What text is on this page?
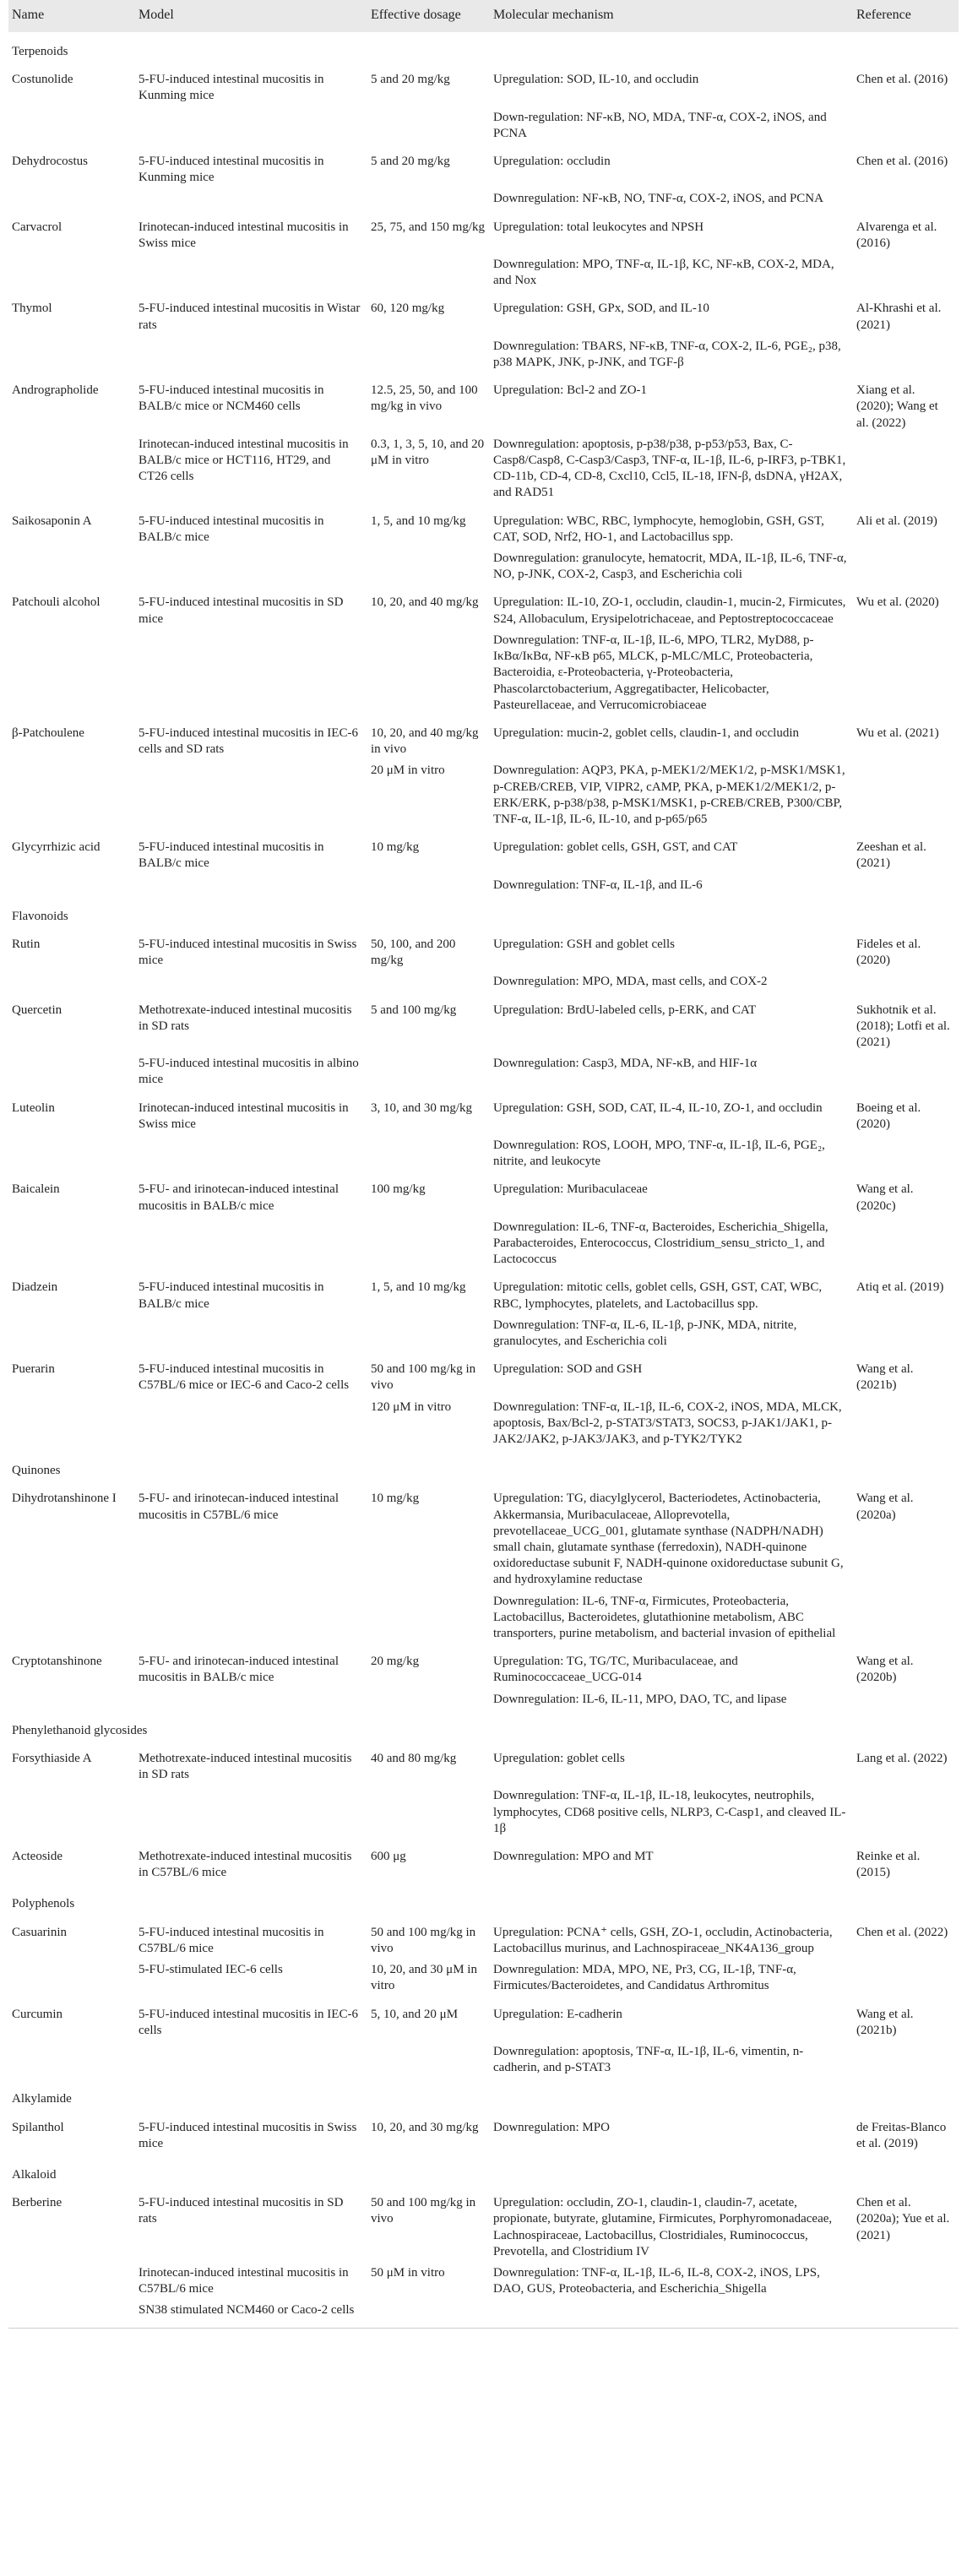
Name	Model	Effective dosage	Molecular mechanism	Reference
Terpenoids				
Costunolide	5-FU-induced intestinal mucositis in Kunming mice	5 and 20 mg/kg	Upregulation: SOD, IL-10, and occludin	Chen et al. (2016)
			Down-regulation: NF-κB, NO, MDA, TNF-α, COX-2, iNOS, and PCNA	
Dehydrocostus	5-FU-induced intestinal mucositis in Kunming mice	5 and 20 mg/kg	Upregulation: occludin	Chen et al. (2016)
			Downregulation: NF-κB, NO, TNF-α, COX-2, iNOS, and PCNA	
Carvacrol	Irinotecan-induced intestinal mucositis in Swiss mice	25, 75, and 150 mg/kg	Upregulation: total leukocytes and NPSH	Alvarenga et al. (2016)
			Downregulation: MPO, TNF-α, IL-1β, KC, NF-κB, COX-2, MDA, and Nox	
Thymol	5-FU-induced intestinal mucositis in Wistar rats	60, 120 mg/kg	Upregulation: GSH, GPx, SOD, and IL-10	Al-Khrashi et al. (2021)
			Downregulation: TBARS, NF-κB, TNF-α, COX-2, IL-6, PGE₂, p38, p38 MAPK, JNK, p-JNK, and TGF-β	
Andrographolide	5-FU-induced intestinal mucositis in BALB/c mice or NCM460 cells	12.5, 25, 50, and 100 mg/kg in vivo	Upregulation: Bcl-2 and ZO-1	Xiang et al. (2020); Wang et al. (2022)
	Irinotecan-induced intestinal mucositis in BALB/c mice or HCT116, HT29, and CT26 cells	0.3, 1, 3, 5, 10, and 20 μM in vitro	Downregulation: apoptosis, p-p38/p38, p-p53/p53, Bax, C-Casp8/Casp8, C-Casp3/Casp3, TNF-α, IL-1β, IL-6, p-IRF3, p-TBK1, CD-11b, CD-4, CD-8, Cxcl10, Ccl5, IL-18, IFN-β, dsDNA, γH2AX, and RAD51	
Saikosaponin A	5-FU-induced intestinal mucositis in BALB/c mice	1, 5, and 10 mg/kg	Upregulation: WBC, RBC, lymphocyte, hemoglobin, GSH, GST, CAT, SOD, Nrf2, HO-1, and Lactobacillus spp.	Ali et al. (2019)
			Downregulation: granulocyte, hematocrit, MDA, IL-1β, IL-6, TNF-α, NO, p-JNK, COX-2, Casp3, and Escherichia coli	
Patchouli alcohol	5-FU-induced intestinal mucositis in SD mice	10, 20, and 40 mg/kg	Upregulation: IL-10, ZO-1, occludin, claudin-1, mucin-2, Firmicutes, S24, Allobaculum, Erysipelotrichaceae, and Peptostreptococcaceae	Wu et al. (2020)
			Downregulation: TNF-α, IL-1β, IL-6, MPO, TLR2, MyD88, p-IκBα/IκBα, NF-κB p65, MLCK, p-MLC/MLC, Proteobacteria, Bacteroidia, ε-Proteobacteria, γ-Proteobacteria, Phascolarctobacterium, Aggregatibacter, Helicobacter, Pasteurellaceae, and Verrucomicrobiaceae	
β-Patchoulene	5-FU-induced intestinal mucositis in IEC-6 cells and SD rats	10, 20, and 40 mg/kg in vivo	Upregulation: mucin-2, goblet cells, claudin-1, and occludin	Wu et al. (2021)
		20 μM in vitro	Downregulation: AQP3, PKA, p-MEK1/2/MEK1/2, p-MSK1/MSK1, p-CREB/CREB, VIP, VIPR2, cAMP, PKA, p-MEK1/2/MEK1/2, p-ERK/ERK, p-p38/p38, p-MSK1/MSK1, p-CREB/CREB, P300/CBP, TNF-α, IL-1β, IL-6, IL-10, and p-p65/p65	
Glycyrrhizic acid	5-FU-induced intestinal mucositis in BALB/c mice	10 mg/kg	Upregulation: goblet cells, GSH, GST, and CAT	Zeeshan et al. (2021)
			Downregulation: TNF-α, IL-1β, and IL-6	
Flavonoids				
Rutin	5-FU-induced intestinal mucositis in Swiss mice	50, 100, and 200 mg/kg	Upregulation: GSH and goblet cells	Fideles et al. (2020)
			Downregulation: MPO, MDA, mast cells, and COX-2	
Quercetin	Methotrexate-induced intestinal mucositis in SD rats	5 and 100 mg/kg	Upregulation: BrdU-labeled cells, p-ERK, and CAT	Sukhotnik et al. (2018); Lotfi et al. (2021)
	5-FU-induced intestinal mucositis in albino mice		Downregulation: Casp3, MDA, NF-κB, and HIF-1α	
Luteolin	Irinotecan-induced intestinal mucositis in Swiss mice	3, 10, and 30 mg/kg	Upregulation: GSH, SOD, CAT, IL-4, IL-10, ZO-1, and occludin	Boeing et al. (2020)
			Downregulation: ROS, LOOH, MPO, TNF-α, IL-1β, IL-6, PGE₂, nitrite, and leukocyte	
Baicalein	5-FU- and irinotecan-induced intestinal mucositis in BALB/c mice	100 mg/kg	Upregulation: Muribaculaceae	Wang et al. (2020c)
			Downregulation: IL-6, TNF-α, Bacteroides, Escherichia_Shigella, Parabacteroides, Enterococcus, Clostridium_sensu_stricto_1, and Lactococcus	
Diadzein	5-FU-induced intestinal mucositis in BALB/c mice	1, 5, and 10 mg/kg	Upregulation: mitotic cells, goblet cells, GSH, GST, CAT, WBC, RBC, lymphocytes, platelets, and Lactobacillus spp.	Atiq et al. (2019)
			Downregulation: TNF-α, IL-6, IL-1β, p-JNK, MDA, nitrite, granulocytes, and Escherichia coli	
Puerarin	5-FU-induced intestinal mucositis in C57BL/6 mice or IEC-6 and Caco-2 cells	50 and 100 mg/kg in vivo	Upregulation: SOD and GSH	Wang et al. (2021b)
		120 μM in vitro	Downregulation: TNF-α, IL-1β, IL-6, COX-2, iNOS, MDA, MLCK, apoptosis, Bax/Bcl-2, p-STAT3/STAT3, SOCS3, p-JAK1/JAK1, p-JAK2/JAK2, p-JAK3/JAK3, and p-TYK2/TYK2	
Quinones				
Dihydrotanshinone I	5-FU- and irinotecan-induced intestinal mucositis in C57BL/6 mice	10 mg/kg	Upregulation: TG, diacylglycerol, Bacteriodetes, Actinobacteria, Akkermansia, Muribaculaceae, Alloprevotella, prevotellaceae_UCG_001, glutamate synthase (NADPH/NADH) small chain, glutamate synthase (ferredoxin), NADH-quinone oxidoreductase subunit F, NADH-quinone oxidoreductase subunit G, and hydroxylamine reductase	Wang et al. (2020a)
			Downregulation: IL-6, TNF-α, Firmicutes, Proteobacteria, Lactobacillus, Bacteroidetes, glutathionine metabolism, ABC transporters, purine metabolism, and bacterial invasion of epithelial	
Cryptotanshinone	5-FU- and irinotecan-induced intestinal mucositis in BALB/c mice	20 mg/kg	Upregulation: TG, TG/TC, Muribaculaceae, and Ruminococcaceae_UCG-014	Wang et al. (2020b)
			Downregulation: IL-6, IL-11, MPO, DAO, TC, and lipase	
Phenylethanoid glycosides				
Forsythiaside A	Methotrexate-induced intestinal mucositis in SD rats	40 and 80 mg/kg	Upregulation: goblet cells	Lang et al. (2022)
			Downregulation: TNF-α, IL-1β, IL-18, leukocytes, neutrophils, lymphocytes, CD68 positive cells, NLRP3, C-Casp1, and cleaved IL-1β	
Acteoside	Methotrexate-induced intestinal mucositis in C57BL/6 mice	600 μg	Downregulation: MPO and MT	Reinke et al. (2015)
Polyphenols				
Casuarinin	5-FU-induced intestinal mucositis in C57BL/6 mice	50 and 100 mg/kg in vivo	Upregulation: PCNA⁺ cells, GSH, ZO-1, occludin, Actinobacteria, Lactobacillus murinus, and Lachnospiraceae_NK4A136_group	Chen et al. (2022)
	5-FU-stimulated IEC-6 cells	10, 20, and 30 μM in vitro	Downregulation: MDA, MPO, NE, Pr3, CG, IL-1β, TNF-α, Firmicutes/Bacteroidetes, and Candidatus Arthromitus	
Curcumin	5-FU-induced intestinal mucositis in IEC-6 cells	5, 10, and 20 μM	Upregulation: E-cadherin	Wang et al. (2021b)
			Downregulation: apoptosis, TNF-α, IL-1β, IL-6, vimentin, n-cadherin, and p-STAT3	
Alkylamide				
Spilanthol	5-FU-induced intestinal mucositis in Swiss mice	10, 20, and 30 mg/kg	Downregulation: MPO	de Freitas-Blanco et al. (2019)
Alkaloid				
Berberine	5-FU-induced intestinal mucositis in SD rats	50 and 100 mg/kg in vivo	Upregulation: occludin, ZO-1, claudin-1, claudin-7, acetate, propionate, butyrate, glutamine, Firmicutes, Porphyromonadaceae, Lachnospiraceae, Lactobacillus, Clostridiales, Ruminococcus, Prevotella, and Clostridium IV	Chen et al. (2020a); Yue et al. (2021)
	Irinotecan-induced intestinal mucositis in C57BL/6 mice	50 μM in vitro	Downregulation: TNF-α, IL-1β, IL-6, IL-8, COX-2, iNOS, LPS, DAO, GUS, Proteobacteria, and Escherichia_Shigella	
	SN38 stimulated NCM460 or Caco-2 cells			
